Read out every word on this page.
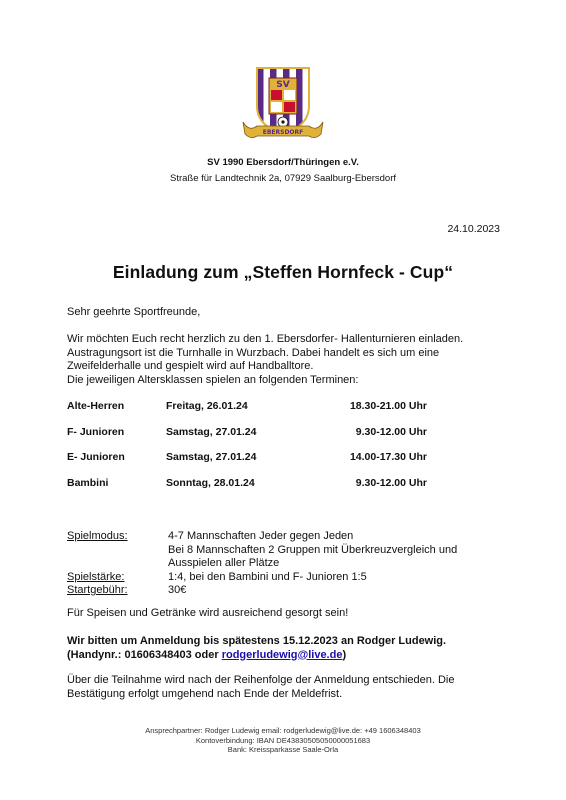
SV
EBERSDORF
SV 1990 Ebersdorf/Thüringen e.V.
Straße für Landtechnik 2a, 07929 Saalburg-Ebersdorf
24.10.2023
Einladung zum „Steffen Hornfeck - Cup“
Sehr geehrte Sportfreunde,
Wir möchten Euch recht herzlich zu den 1. Ebersdorfer- Hallenturnieren einladen.
Austragungsort ist die Turnhalle in Wurzbach. Dabei handelt es sich um eine
Zweifelderhalle und gespielt wird auf Handballtore.
Die jeweiligen Altersklassen spielen an folgenden Terminen:
Alte-Herren	Freitag, 26.01.24	18.30-21.00 Uhr
F- Junioren	Samstag, 27.01.24	9.30-12.00 Uhr
E- Junioren	Samstag, 27.01.24	14.00-17.30 Uhr
Bambini	Sonntag, 28.01.24	9.30-12.00 Uhr
Spielmodus:	4-7 Mannschaften Jeder gegen Jeden
Bei 8 Mannschaften 2 Gruppen mit Überkreuzvergleich und
Ausspielen aller Plätze
Spielstärke:	1:4, bei den Bambini und F- Junioren 1:5
Startgebühr:	30€
Für Speisen und Getränke wird ausreichend gesorgt sein!
Wir bitten um Anmeldung bis spätestens 15.12.2023 an Rodger Ludewig.
(Handynr.: 01606348403 oder rodgerludewig@live.de)
Über die Teilnahme wird nach der Reihenfolge der Anmeldung entschieden. Die
Bestätigung erfolgt umgehend nach Ende der Meldefrist.
Ansprechpartner: Rodger Ludewig email: rodgerludewig@live.de: +49 1606348403
Kontoverbindung: IBAN DE43830505050000051683
Bank: Kreissparkasse Saale-Orla
